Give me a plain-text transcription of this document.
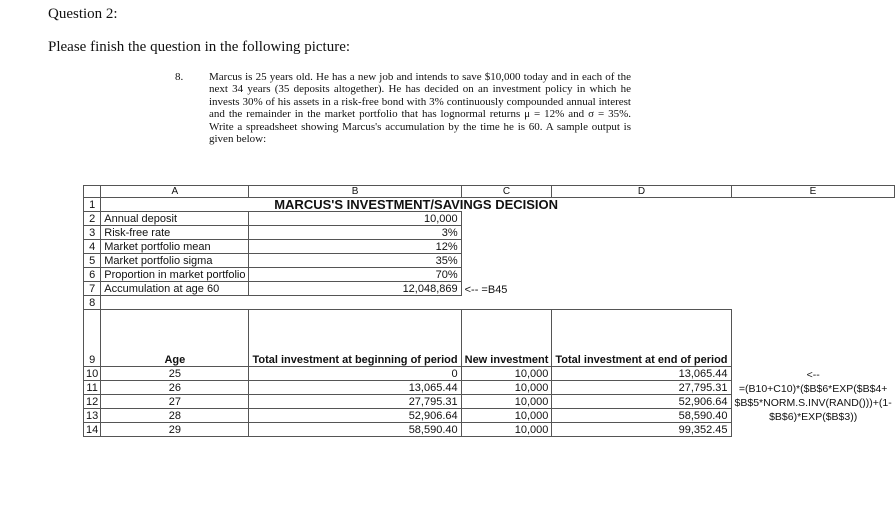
Question 2:
Please finish the question in the following picture:
8. Marcus is 25 years old. He has a new job and intends to save $10,000 today and in each of the next 34 years (35 deposits altogether). He has decided on an investment policy in which he invests 30% of his assets in a risk-free bond with 3% continuously compounded annual interest and the remainder in the market portfolio that has lognormal returns μ = 12% and σ = 35%. Write a spreadsheet showing Marcus's accumulation by the time he is 60. A sample output is given below:
	A	B	C	D	E
1	MARCUS'S INVESTMENT/SAVINGS DECISION				
2	Annual deposit	10,000			
3	Risk-free rate	3%			
4	Market portfolio mean	12%			
5	Market portfolio sigma	35%			
6	Proportion in market portfolio	70%			
7	Accumulation at age 60	12,048,869	<-- =B45		
8					
9	Age	Total investment at beginning of period	New investment	Total investment at end of period	
10	25	0	10,000	13,065.44	<--
11	26	13,065.44	10,000	27,795.31	=(B10+C10)*($B$6*EXP($B$4+
12	27	27,795.31	10,000	52,906.64	$B$5*NORM.S.INV(RAND()))+(1-
13	28	52,906.64	10,000	58,590.40	$B$6)*EXP($B$3))
14	29	58,590.40	10,000	99,352.45	
